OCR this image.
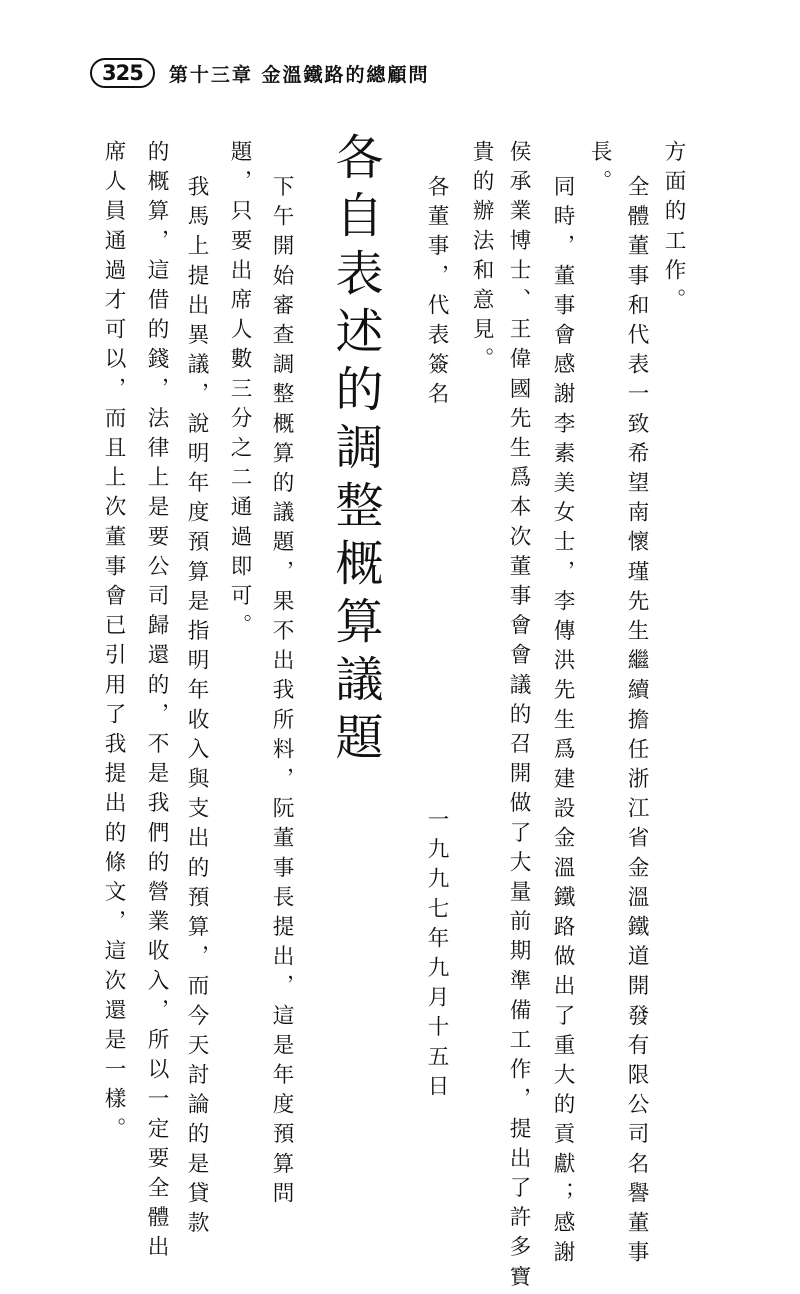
325	第十三章 金溫鐵路的總顧問
方面的工作。
全體董事和代表一致希望南懷瑾先生繼續擔任浙江省金溫鐵道開發有限公司名譽董事
長。
同時，董事會感謝李素美女士，李傳洪先生爲建設金溫鐵路做出了重大的貢獻；感謝
侯承業博士、王偉國先生爲本次董事會會議的召開做了大量前期準備工作，提出了許多寶
貴的辦法和意見。
各董事，代表簽名
一九九七年九月十五日
各自表述的調整概算議題
下午開始審查調整概算的議題，果不出我所料，阮董事長提出，這是年度預算問
題，只要出席人數三分之二通過即可。
我馬上提出異議，說明年度預算是指明年收入與支出的預算，而今天討論的是貸款
的概算，這借的錢，法律上是要公司歸還的，不是我們的營業收入，所以一定要全體出
席人員通過才可以，而且上次董事會已引用了我提出的條文，這次還是一樣。
